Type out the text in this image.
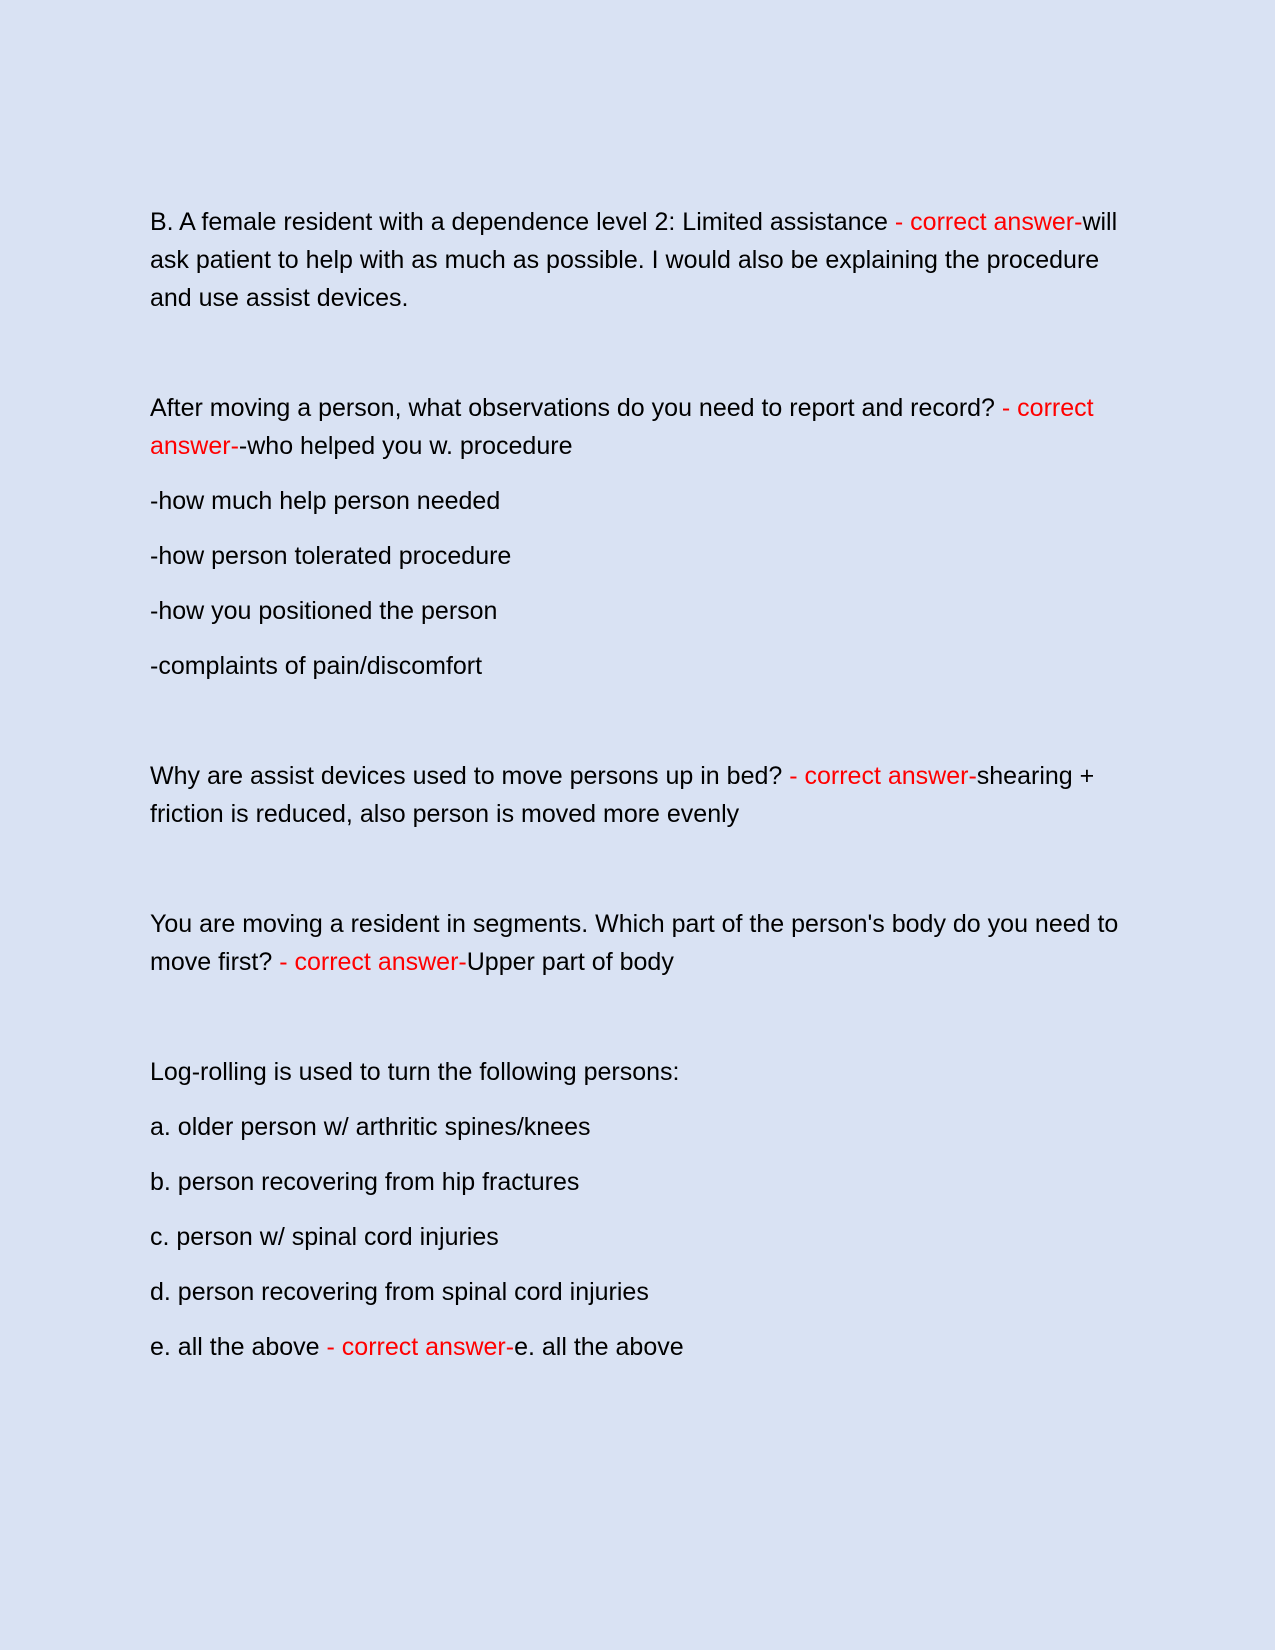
B. A female resident with a dependence level 2: Limited assistance - correct answer-will ask patient to help with as much as possible. I would also be explaining the procedure and use assist devices.

After moving a person, what observations do you need to report and record? - correct answer--who helped you w. procedure

-how much help person needed

-how person tolerated procedure

-how you positioned the person

-complaints of pain/discomfort

Why are assist devices used to move persons up in bed? - correct answer-shearing + friction is reduced, also person is moved more evenly

You are moving a resident in segments. Which part of the person's body do you need to move first? - correct answer-Upper part of body

Log-rolling is used to turn the following persons:

a. older person w/ arthritic spines/knees

b. person recovering from hip fractures

c. person w/ spinal cord injuries

d. person recovering from spinal cord injuries

e. all the above - correct answer-e. all the above
